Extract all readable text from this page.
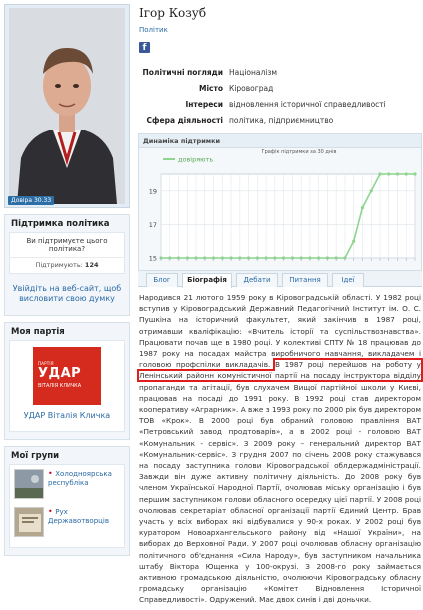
Довіра 30.33
Підтримка політика
Ви підтримуєте цього політика?
Підтримують: 124
Увійдіть на веб-сайт, щоб висловити свою думку
Моя партія
ПАРТІЯ
УДАР
ВІТАЛІЯ КЛИЧКА
УДАР Віталія Кличка
Мої групи
• Холодноярська республіка
• Рух Державотворців
Ігор Козуб
Політик
f
Політичні погляди Націоналізм
Місто Кіровоград
Інтереси відновлення історичної справедливості
Сфера діяльності політика, підприємництво
Динаміка підтримки
15
17
19
довіряють
Графік підтримки за 30 днів
Блог	Біографія	Дебати	Питання	Ідеї

Народився 21 лютого 1959 року в Кіровоградській області. У 1982 році вступив у Кіровоградський Державний Педагогічний Інститут ім. О. С. Пушкіна на історичний факультет, який закінчив в 1987 році, отримавши кваліфікацію: «Вчитель історії та суспільствознавства». Працювати почав ще в 1980 році. У колективі СПТУ № 18 працював до 1987 року на посадах майстра виробничого навчання, викладачем і головою профспілки викладачів. В 1987 році перейшов на роботу у Ленінський районн комуністичної партії на посаду інструктора відділу пропаганди та агітації, був слухачем Вищої партійної школи у Києві, працював на посаді до 1991 року. В 1992 році став директором кооперативу «Аграрник». А вже з 1993 року по 2000 рік був директором ТОВ «Крок». В 2000 році був обраний головою правління ВАТ «Петровський завод продтоварів», а в 2002 році - головою ВАТ «Комунальник - сервіс». З 2009 року – генеральний директор ВАТ «Комунальник-сервіс». З грудня 2007 по січень 2008 року стажувався на посаду заступника голови Кіровоградської облдержадміністрації. Завжди він дуже активну політичну діяльність. До 2008 року був членом Української Народної Партії, очолював міську організацію і був першим заступником голови обласного осередку цієї партії. У 2008 році очолював секретаріат обласної організації партії Єдиний Центр. Брав участь у всіх виборах які відбувалися у 90-х роках. У 2002 році був куратором Новоархангельського району від «Нашої України», на виборах до Верховної Ради. У 2007 році очолював обласну організацію політичного об'єднання «Сила Народу», був заступником начальника штабу Віктора Ющенка у 100-окрузі. З 2008-го року займається активною громадською діяльністю, очолюючи Кіровоградську обласну громадську організацію «Комітет Відновлення Історичної Справедливості». Одружений. Має двох синів і дві доньчки.
